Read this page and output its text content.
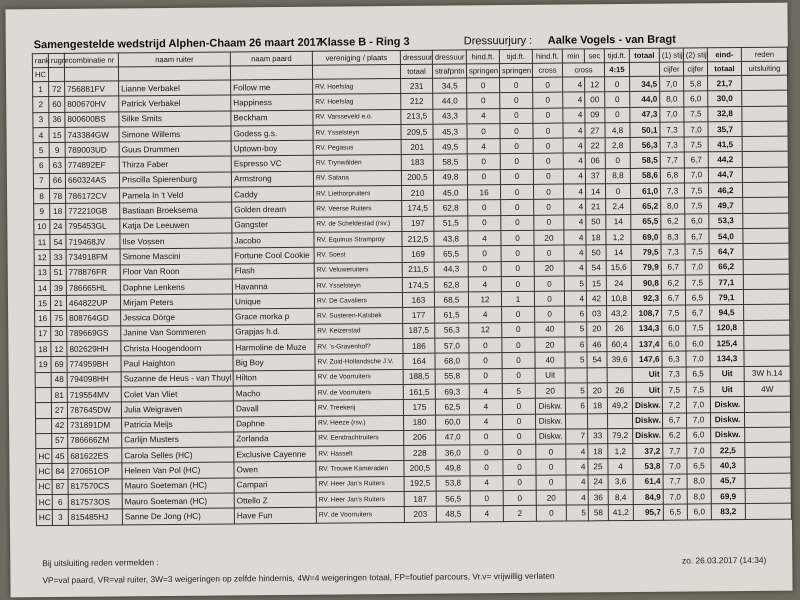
Samengestelde wedstrijd Alphen-Chaam 26 maart 2017
Klasse B - Ring 3	Dressuurjury : Aalke Vogels - van Bragt
rank	rugnr	combinatie nr	naam ruiter	naam paard	vereniging / plaats	dressuur	dressuur	hind.ft.	tijd.ft.	hind.ft.	min	sec	tijd.ft.	totaal	(1) stijl	(2) stijl	eind-	reden
HC						totaal	strafpntn	springen	springen	cross	cross		4:15		cijfer	cijfer	totaal	uitsluiting
1	72	756881FV	Lianne Verbakel	Follow me	RV. Hoefslag	231	34,5	0	0	0	4	12	0	34,5	7,0	5,8	21,7	
2	60	800670HV	Patrick Verbakel	Happiness	RV. Hoefslag	212	44,0	0	0	0	4	00	0	44,0	8,0	6,0	30,0	
3	36	800600BS	Silke Smits	Beckham	RV. Varsseveld e.o.	213,5	43,3	4	0	0	4	09	0	47,3	7,0	7,5	32,8	
4	15	743384GW	Simone Willems	Godess g.s.	RV. Ysselsteyn	209,5	45,3	0	0	0	4	27	4,8	50,1	7,3	7,0	35,7	
5	9	789003UD	Guus Drummen	Uptown-boy	RV. Pegasus	201	49,5	4	0	0	4	22	2,8	56,3	7,3	7,5	41,5	
6	63	774892EF	Thirza Faber	Espresso VC	RV. Trynwâlden	183	58,5	0	0	0	4	06	0	58,5	7,7	6,7	44,2	
7	66	660324AS	Priscilla Spierenburg	Armstrong	RV. Satana	200,5	49,8	0	0	0	4	37	8,8	58,6	6,8	7,0	44,7	
8	78	786172CV	Pamela In 't Veld	Caddy	RV. Liethorpruiters	210	45,0	16	0	0	4	14	0	61,0	7,3	7,5	46,2	
9	18	772210GB	Bastiaan Broeksema	Golden dream	RV. Veerse Ruiters	174,5	62,8	0	0	0	4	21	2,4	65,2	8,0	7,5	49,7	
10	24	795453GL	Katja De Leeuwen	Gangster	RV. de Scheldestad (rsv.)	197	51,5	0	0	0	4	50	14	65,5	6,2	6,0	53,3	
11	54	719468JV	Ilse Vossen	Jacobo	RV. Equinus Stramproy	212,5	43,8	4	0	20	4	18	1,2	69,0	8,3	6,7	54,0	
12	33	734918FM	Simone Mascini	Fortune Cool Cookie	RV. Soest	169	65,5	0	0	0	4	50	14	79,5	7,3	7,5	64,7	
13	51	778876FR	Floor Van Roon	Flash	RV. Veluweruiters	211,5	44,3	0	0	20	4	54	15,6	79,9	6,7	7,0	66,2	
14	39	786665HL	Daphne Lenkens	Havanna	RV. Ysselsteyn	174,5	62,8	4	0	0	5	15	24	90,8	6,2	7,5	77,1	
15	21	464822UP	Mirjam Peters	Unique	RV. De Cavaliers	163	68,5	12	1	0	4	42	10,8	92,3	6,7	6,5	79,1	
16	75	808764GD	Jessica Dörge	Grace morka p	RV. Susteren-Katsbek	177	61,5	4	0	0	6	03	43,2	108,7	7,5	6,7	94,5	
17	30	789669GS	Janine Van Sommeren	Grapjas h.d.	RV. Keizerstad	187,5	56,3	12	0	40	5	20	26	134,3	6,0	7,5	120,8	
18	12	802629HH	Christa Hoogendoorn	Harmoline de Muze	RV. 's-Gravenhof?	186	57,0	0	0	20	6	46	60,4	137,4	6,0	6,0	125,4	
19	69	774959BH	Paul Haighton	Big Boy	RV. Zuid-Hollandsche J.V.	164	68,0	0	0	40	5	54	39,6	147,6	6,3	7,0	134,3	
	48	794098HH	Suzanne de Heus - van Thuyl	Hilton	RV. de Voorruiters	188,5	55,8	0	0	Uit				Uit	7,3	6,5	Uit	3W h.14
	81	719554MV	Colet Van Vliet	Macho	RV. de Voorruiters	161,5	69,3	4	5	20	5	20	26	Uit	7,5	7,5	Uit	4W
	27	787645DW	Julia Weigraven	Davall	RV. Treekerij	175	62,5	4	0	Diskw.	6	18	49,2	Diskw.	7,2	7,0	Diskw.	
	42	731891DM	Patricia Meijs	Daphne	RV. Heeze (rsv.)	180	60,0	4	0	Diskw.				Diskw.	6,7	7,0	Diskw.	
	57	786666ZM	Carlijn Musters	Zorlanda	RV. Eendrachtruiters	206	47,0	0	0	Diskw.	7	33	79,2	Diskw.	6,2	6,0	Diskw.	
HC	45	681622ES	Carola Selles (HC)	Exclusive Cayenne	RV. Hasselt	228	36,0	0	0	0	4	18	1,2	37,2	7,7	7,0	22,5	
HC	84	270651OP	Heleen Van Pol (HC)	Owen	RV. Trouwe Kameraden	200,5	49,8	0	0	0	4	25	4	53,8	7,0	6,5	40,3	
HC	87	817570CS	Mauro Soeteman (HC)	Campari	RV. Heer Jan's Ruiters	192,5	53,8	4	0	0	4	24	3,6	61,4	7,7	8,0	45,7	
HC	6	817573OS	Mauro Soeteman (HC)	Ottello Z	RV. Heer Jan's Ruiters	187	56,5	0	0	20	4	36	8,4	84,9	7,0	8,0	69,9	
HC	3	815485HJ	Sanne De Jong (HC)	Have Fun	RV. de Voorruiters	203	48,5	4	2	0	5	58	41,2	95,7	6,5	6,0	83,2	
Bij uitsluiting reden vermelden :
VP=val paard, VR=val ruiter, 3W=3 weigeringen op zelfde hindernis, 4W=4 weigeringen totaal, FP=foutief parcours, Vr.v= vrijwillig verlaten
zo. 26.03.2017 (14:34)
